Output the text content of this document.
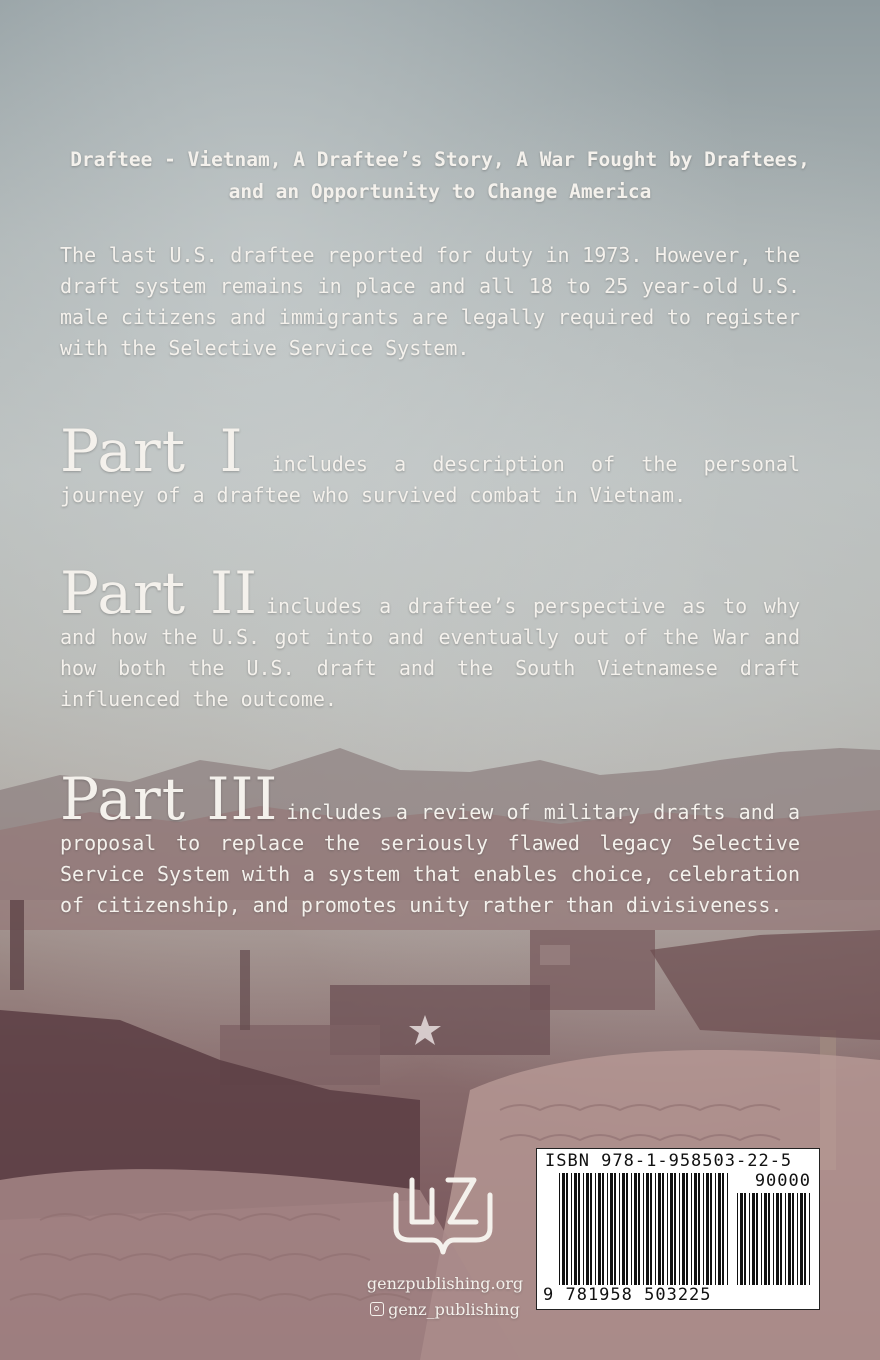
Draftee - Vietnam, A Draftee’s Story, A War Fought by Draftees, and an Opportunity to Change America
The last U.S. draftee reported for duty in 1973. However, the draft system remains in place and all 18 to 25 year-old U.S. male citizens and immigrants are legally required to register with the Selective Service System.
Part I includes a description of the personal journey of a draftee who survived combat in Vietnam.
Part II includes a draftee’s perspective as to why and how the U.S. got into and eventually out of the War and how both the U.S. draft and the South Vietnamese draft influenced the outcome.
Part III includes a review of military drafts and a proposal to replace the seriously flawed legacy Selective Service System with a system that enables choice, celebration of citizenship, and promotes unity rather than divisiveness.
genzpublishing.org
genz_publishing
ISBN 978-1-958503-22-5
90000
9 781958 503225
